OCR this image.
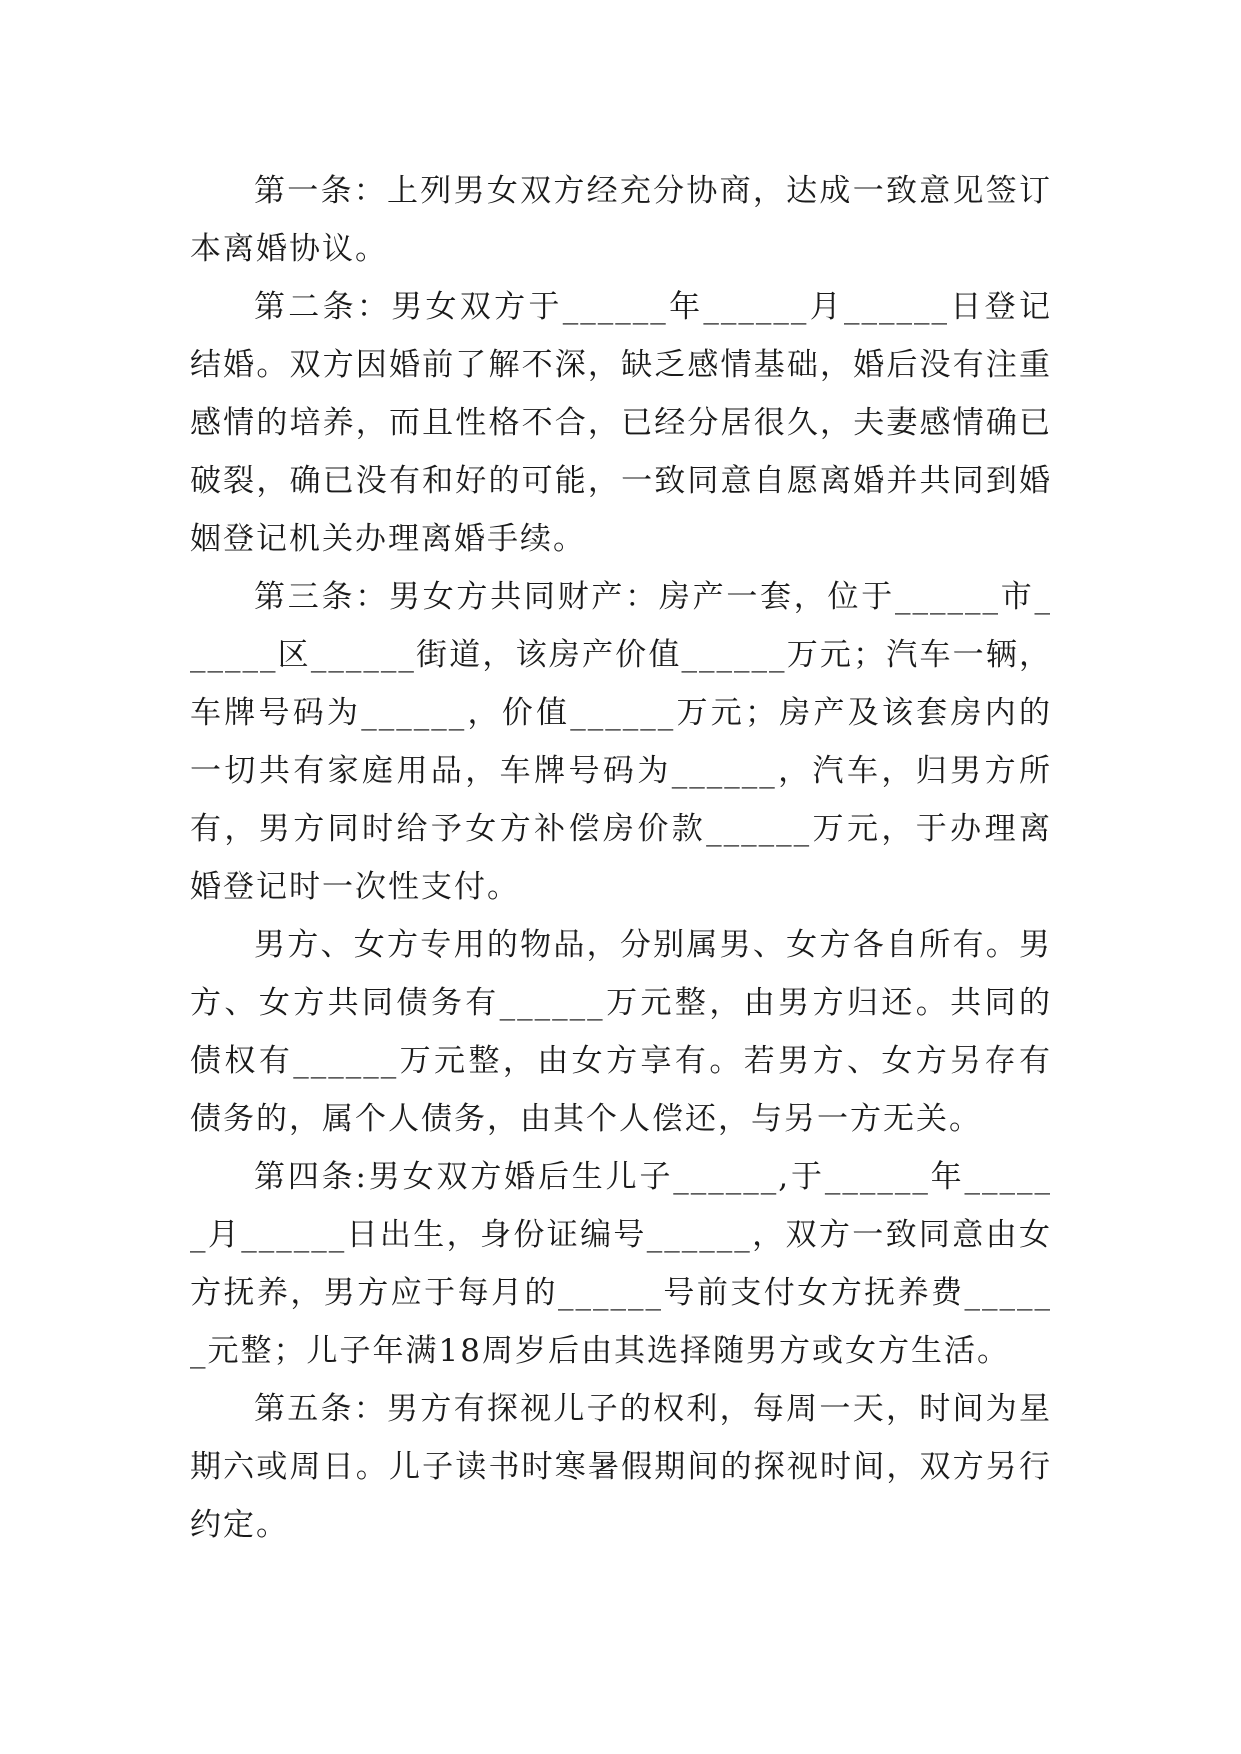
第一条：上列男女双方经充分协商，达成一致意见签订本离婚协议。

第二条：男女双方于______年______月______日登记结婚。双方因婚前了解不深，缺乏感情基础，婚后没有注重感情的培养，而且性格不合，已经分居很久，夫妻感情确已破裂，确已没有和好的可能，一致同意自愿离婚并共同到婚姻登记机关办理离婚手续。

第三条：男女方共同财产：房产一套，位于______市______区______街道，该房产价值______万元；汽车一辆，车牌号码为______，价值______万元；房产及该套房内的一切共有家庭用品，车牌号码为______，汽车，归男方所有，男方同时给予女方补偿房价款______万元，于办理离婚登记时一次性支付。

男方、女方专用的物品，分别属男、女方各自所有。男方、女方共同债务有______万元整，由男方归还。共同的债权有______万元整，由女方享有。若男方、女方另存有债务的，属个人债务，由其个人偿还，与另一方无关。

第四条:男女双方婚后生儿子______,于______年______月______日出生，身份证编号______，双方一致同意由女方抚养，男方应于每月的______号前支付女方抚养费______元整；儿子年满18周岁后由其选择随男方或女方生活。

第五条：男方有探视儿子的权利，每周一天，时间为星期六或周日。儿子读书时寒暑假期间的探视时间，双方另行约定。
